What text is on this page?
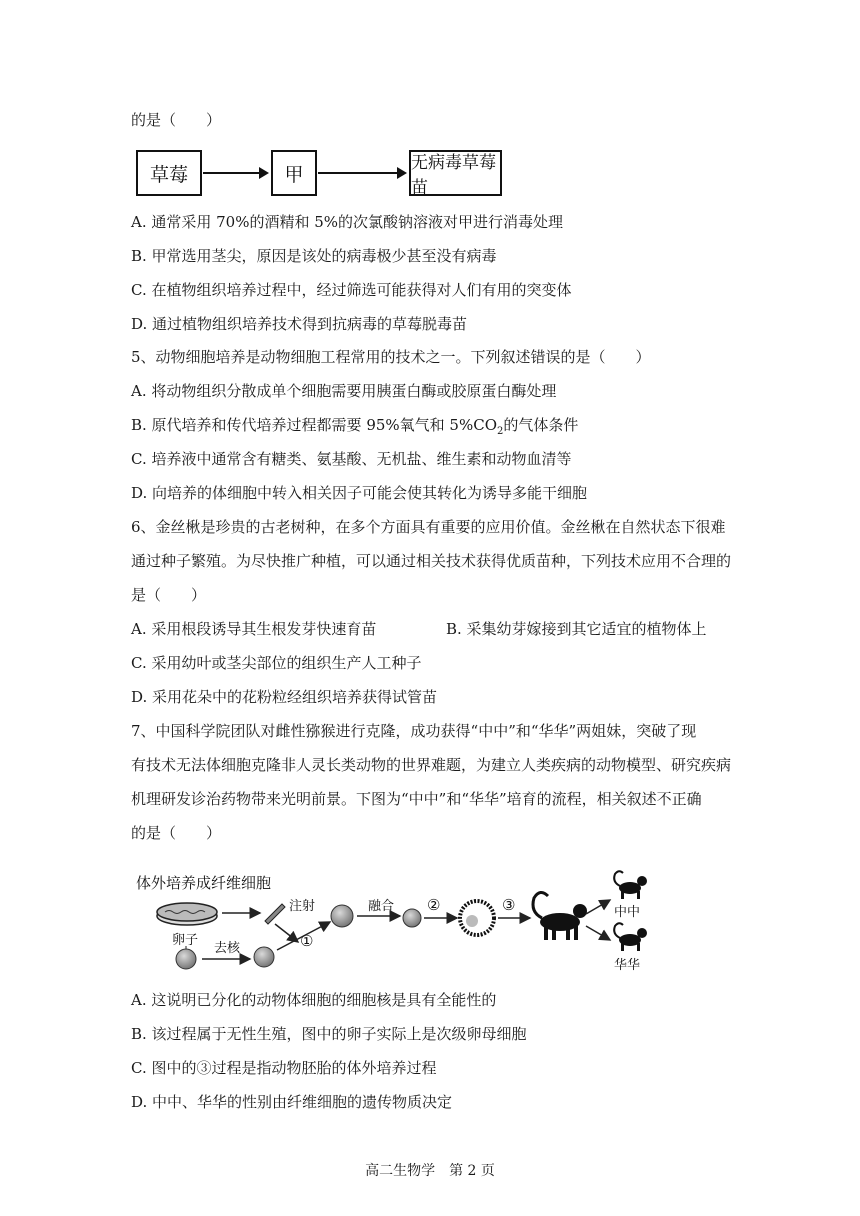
的是（　　）
草莓	甲
无病毒草莓苗
A. 通常采用 70%的酒精和 5%的次氯酸钠溶液对甲进行消毒处理
B. 甲常选用茎尖，原因是该处的病毒极少甚至没有病毒
C. 在植物组织培养过程中，经过筛选可能获得对人们有用的突变体
D. 通过植物组织培养技术得到抗病毒的草莓脱毒苗
5、动物细胞培养是动物细胞工程常用的技术之一。下列叙述错误的是（　　）
A. 将动物组织分散成单个细胞需要用胰蛋白酶或胶原蛋白酶处理
B. 原代培养和传代培养过程都需要 95%氧气和 $5\%CO_2$的气体条件
C. 培养液中通常含有糖类、氨基酸、无机盐、维生素和动物血清等
D. 向培养的体细胞中转入相关因子可能会使其转化为诱导多能干细胞
6、金丝楸是珍贵的古老树种，在多个方面具有重要的应用价值。金丝楸在自然状态下很难
通过种子繁殖。为尽快推广种植，可以通过相关技术获得优质苗种，下列技术应用不合理的
是（　　）
A. 采用根段诱导其生根发芽快速育苗	B. 采集幼芽嫁接到其它适宜的植物体上
C. 采用幼叶或茎尖部位的组织生产人工种子
D. 采用花朵中的花粉粒经组织培养获得试管苗
7、中国科学院团队对雌性猕猴进行克隆，成功获得“中中”和“华华”两姐妹，突破了现
有技术无法体细胞克隆非人灵长类动物的世界难题，为建立人类疾病的动物模型、研究疾病
机理研发诊治药物带来光明前景。下图为“中中”和“华华”培育的流程，相关叙述不正确
的是（　　）
体外培养成纤维细胞
注射
卵子
去核	①
融合 ②	③	中中
华华
A. 这说明已分化的动物体细胞的细胞核是具有全能性的
B. 该过程属于无性生殖，图中的卵子实际上是次级卵母细胞
C. 图中的③过程是指动物胚胎的体外培养过程
D. 中中、华华的性别由纤维细胞的遗传物质决定
高二生物学　第 2 页
